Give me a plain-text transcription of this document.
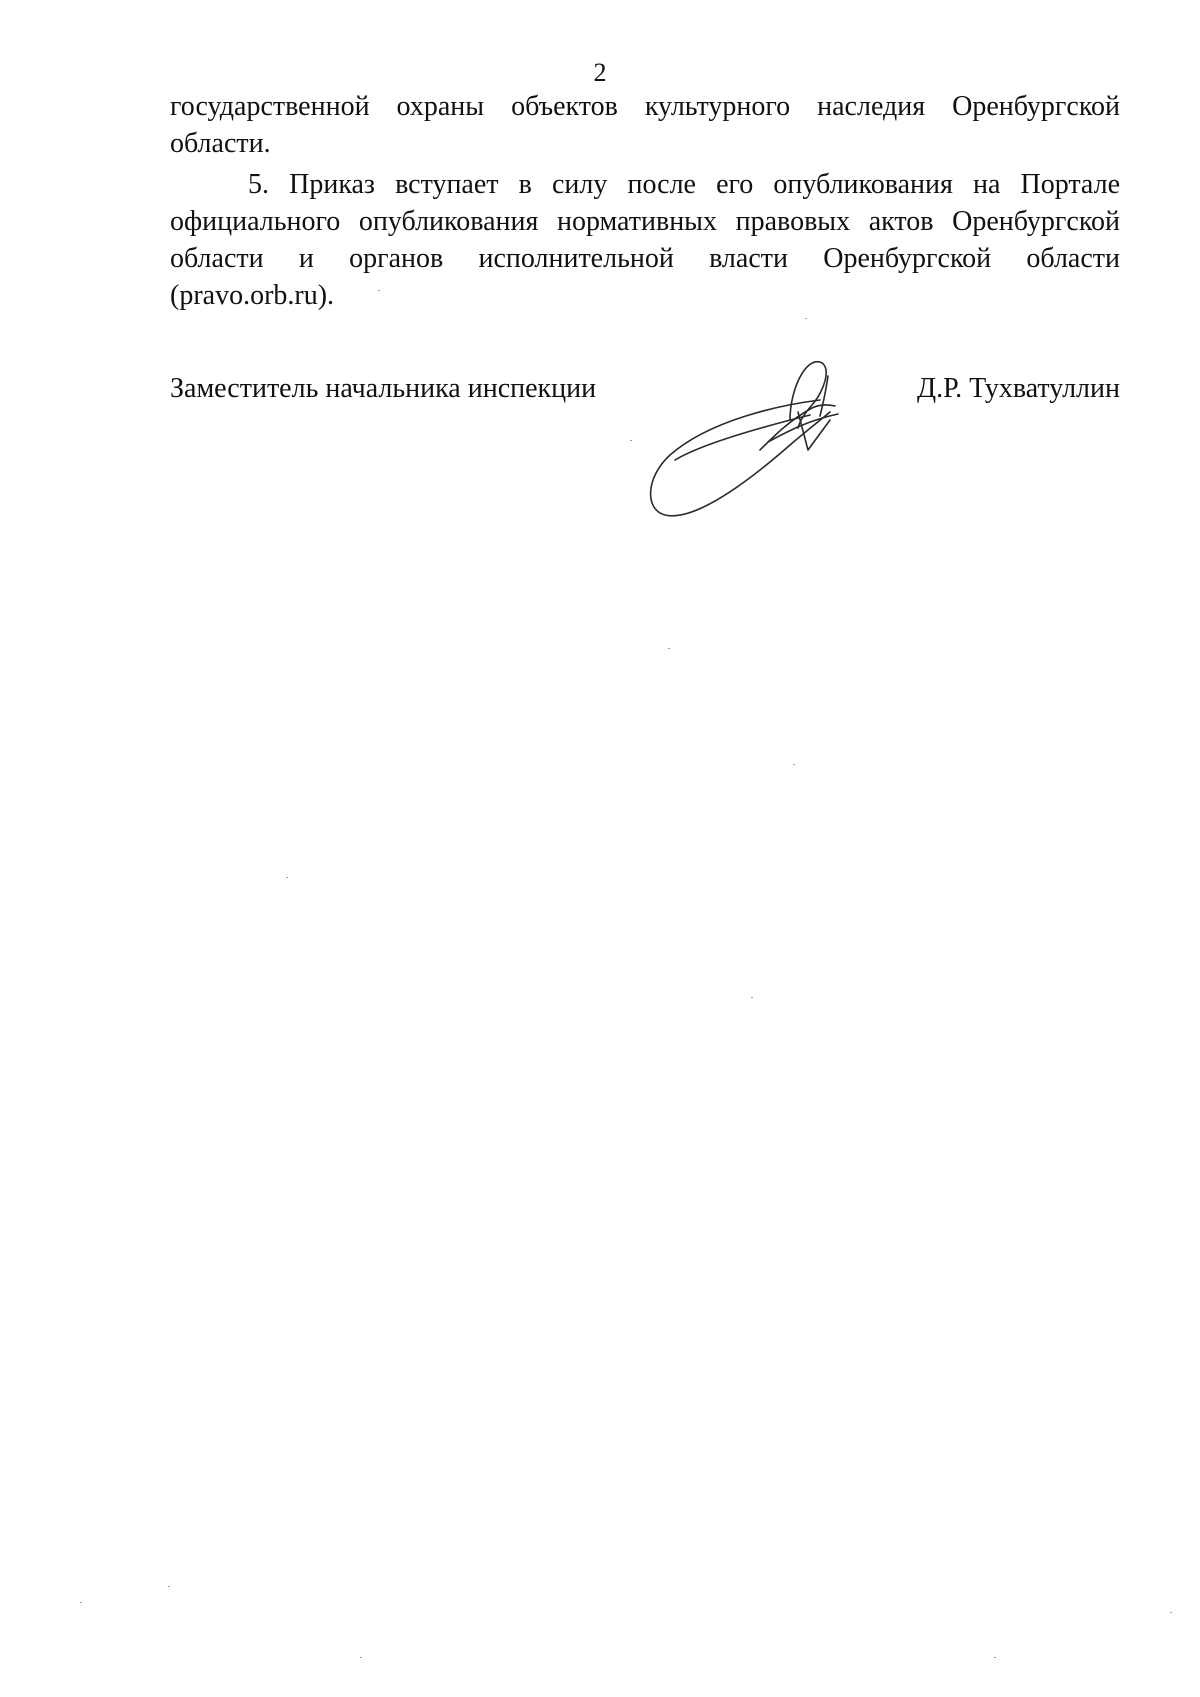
2

государственной охраны объектов культурного наследия Оренбургской области.

5. Приказ вступает в силу после его опубликования на Портале официального опубликования нормативных правовых актов Оренбургской области и органов исполнительной власти Оренбургской области (pravo.orb.ru).

Заместитель начальника инспекции	Д.Р. Тухватуллин
